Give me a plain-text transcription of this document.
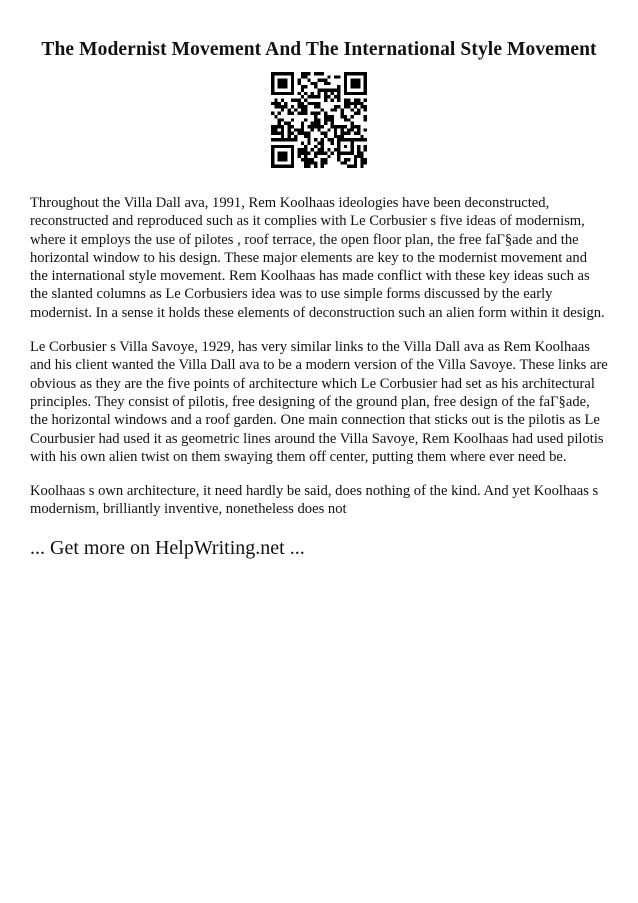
The Modernist Movement And The International Style Movement

Throughout the Villa Dall ava, 1991, Rem Koolhaas ideologies have been deconstructed, reconstructed and reproduced such as it complies with Le Corbusier s five ideas of modernism, where it employs the use of pilotes , roof terrace, the open floor plan, the free faΓ§ade and the horizontal window to his design. These major elements are key to the modernist movement and the international style movement. Rem Koolhaas has made conflict with these key ideas such as the slanted columns as Le Corbusiers idea was to use simple forms discussed by the early modernist. In a sense it holds these elements of deconstruction such an alien form within it design.

Le Corbusier s Villa Savoye, 1929, has very similar links to the Villa Dall ava as Rem Koolhaas and his client wanted the Villa Dall ava to be a modern version of the Villa Savoye. These links are obvious as they are the five points of architecture which Le Corbusier had set as his architectural principles. They consist of pilotis, free designing of the ground plan, free design of the faΓ§ade, the horizontal windows and a roof garden. One main connection that sticks out is the pilotis as Le Courbusier had used it as geometric lines around the Villa Savoye, Rem Koolhaas had used pilotis with his own alien twist on them swaying them off center, putting them where ever need be.

Koolhaas s own architecture, it need hardly be said, does nothing of the kind. And yet Koolhaas s modernism, brilliantly inventive, nonetheless does not

... Get more on HelpWriting.net ...
